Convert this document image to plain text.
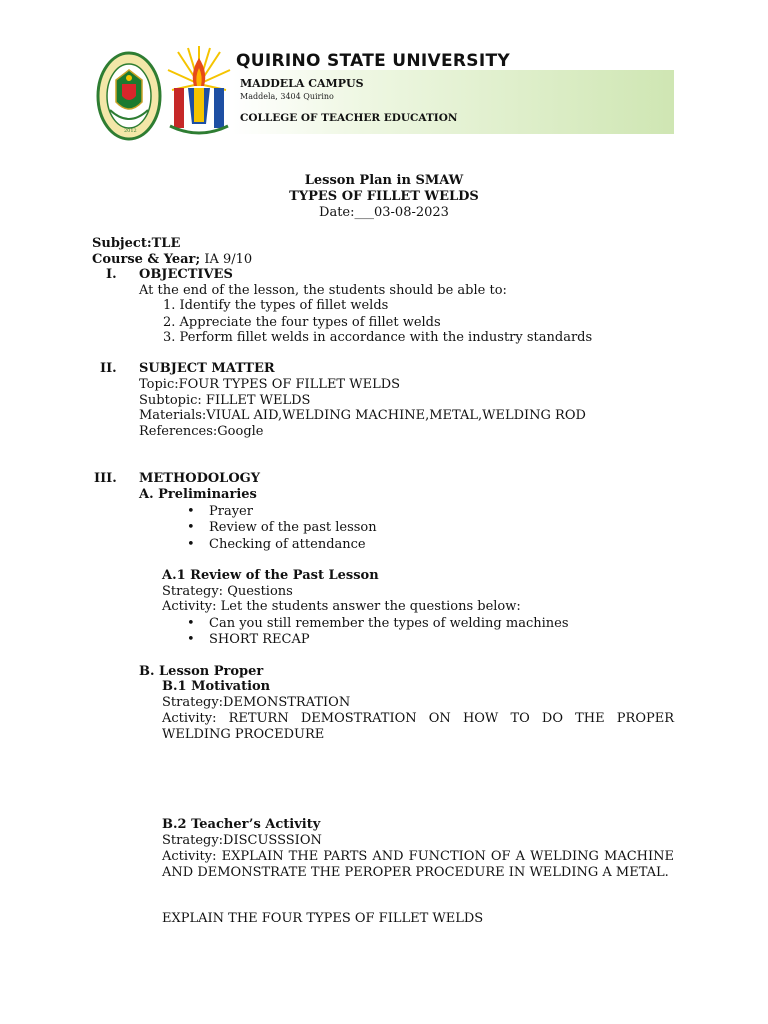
2012
QUIRINO STATE UNIVERSITY
MADDELA CAMPUS
Maddela, 3404 Quirino
COLLEGE OF TEACHER EDUCATION
Lesson Plan in SMAW
TYPES OF FILLET WELDS
Date:___03-08-2023
Subject:TLE
Course & Year; IA 9/10
I. OBJECTIVES
At the end of the lesson, the students should be able to:
1. Identify the types of fillet welds
2. Appreciate the four types of fillet welds
3. Perform fillet welds in accordance with the industry standards
II. SUBJECT MATTER
Topic:FOUR TYPES OF FILLET WELDS
Subtopic: FILLET WELDS
Materials:VIUAL AID,WELDING MACHINE,METAL,WELDING ROD
References:Google
III. METHODOLOGY
A. Preliminaries
• Prayer
• Review of the past lesson
• Checking of attendance
A.1 Review of the Past Lesson
Strategy: Questions
Activity: Let the students answer the questions below:
• Can you still remember the types of welding machines
• SHORT RECAP
B. Lesson Proper
B.1 Motivation
Strategy:DEMONSTRATION
Activity: RETURN DEMOSTRATION ON HOW TO DO THE PROPER WELDING PROCEDURE
B.2 Teacher’s Activity
Strategy:DISCUSSSION
Activity: EXPLAIN THE PARTS AND FUNCTION OF A WELDING MACHINE AND DEMONSTRATE THE PEROPER PROCEDURE IN WELDING A METAL.
EXPLAIN THE FOUR TYPES OF FILLET WELDS
